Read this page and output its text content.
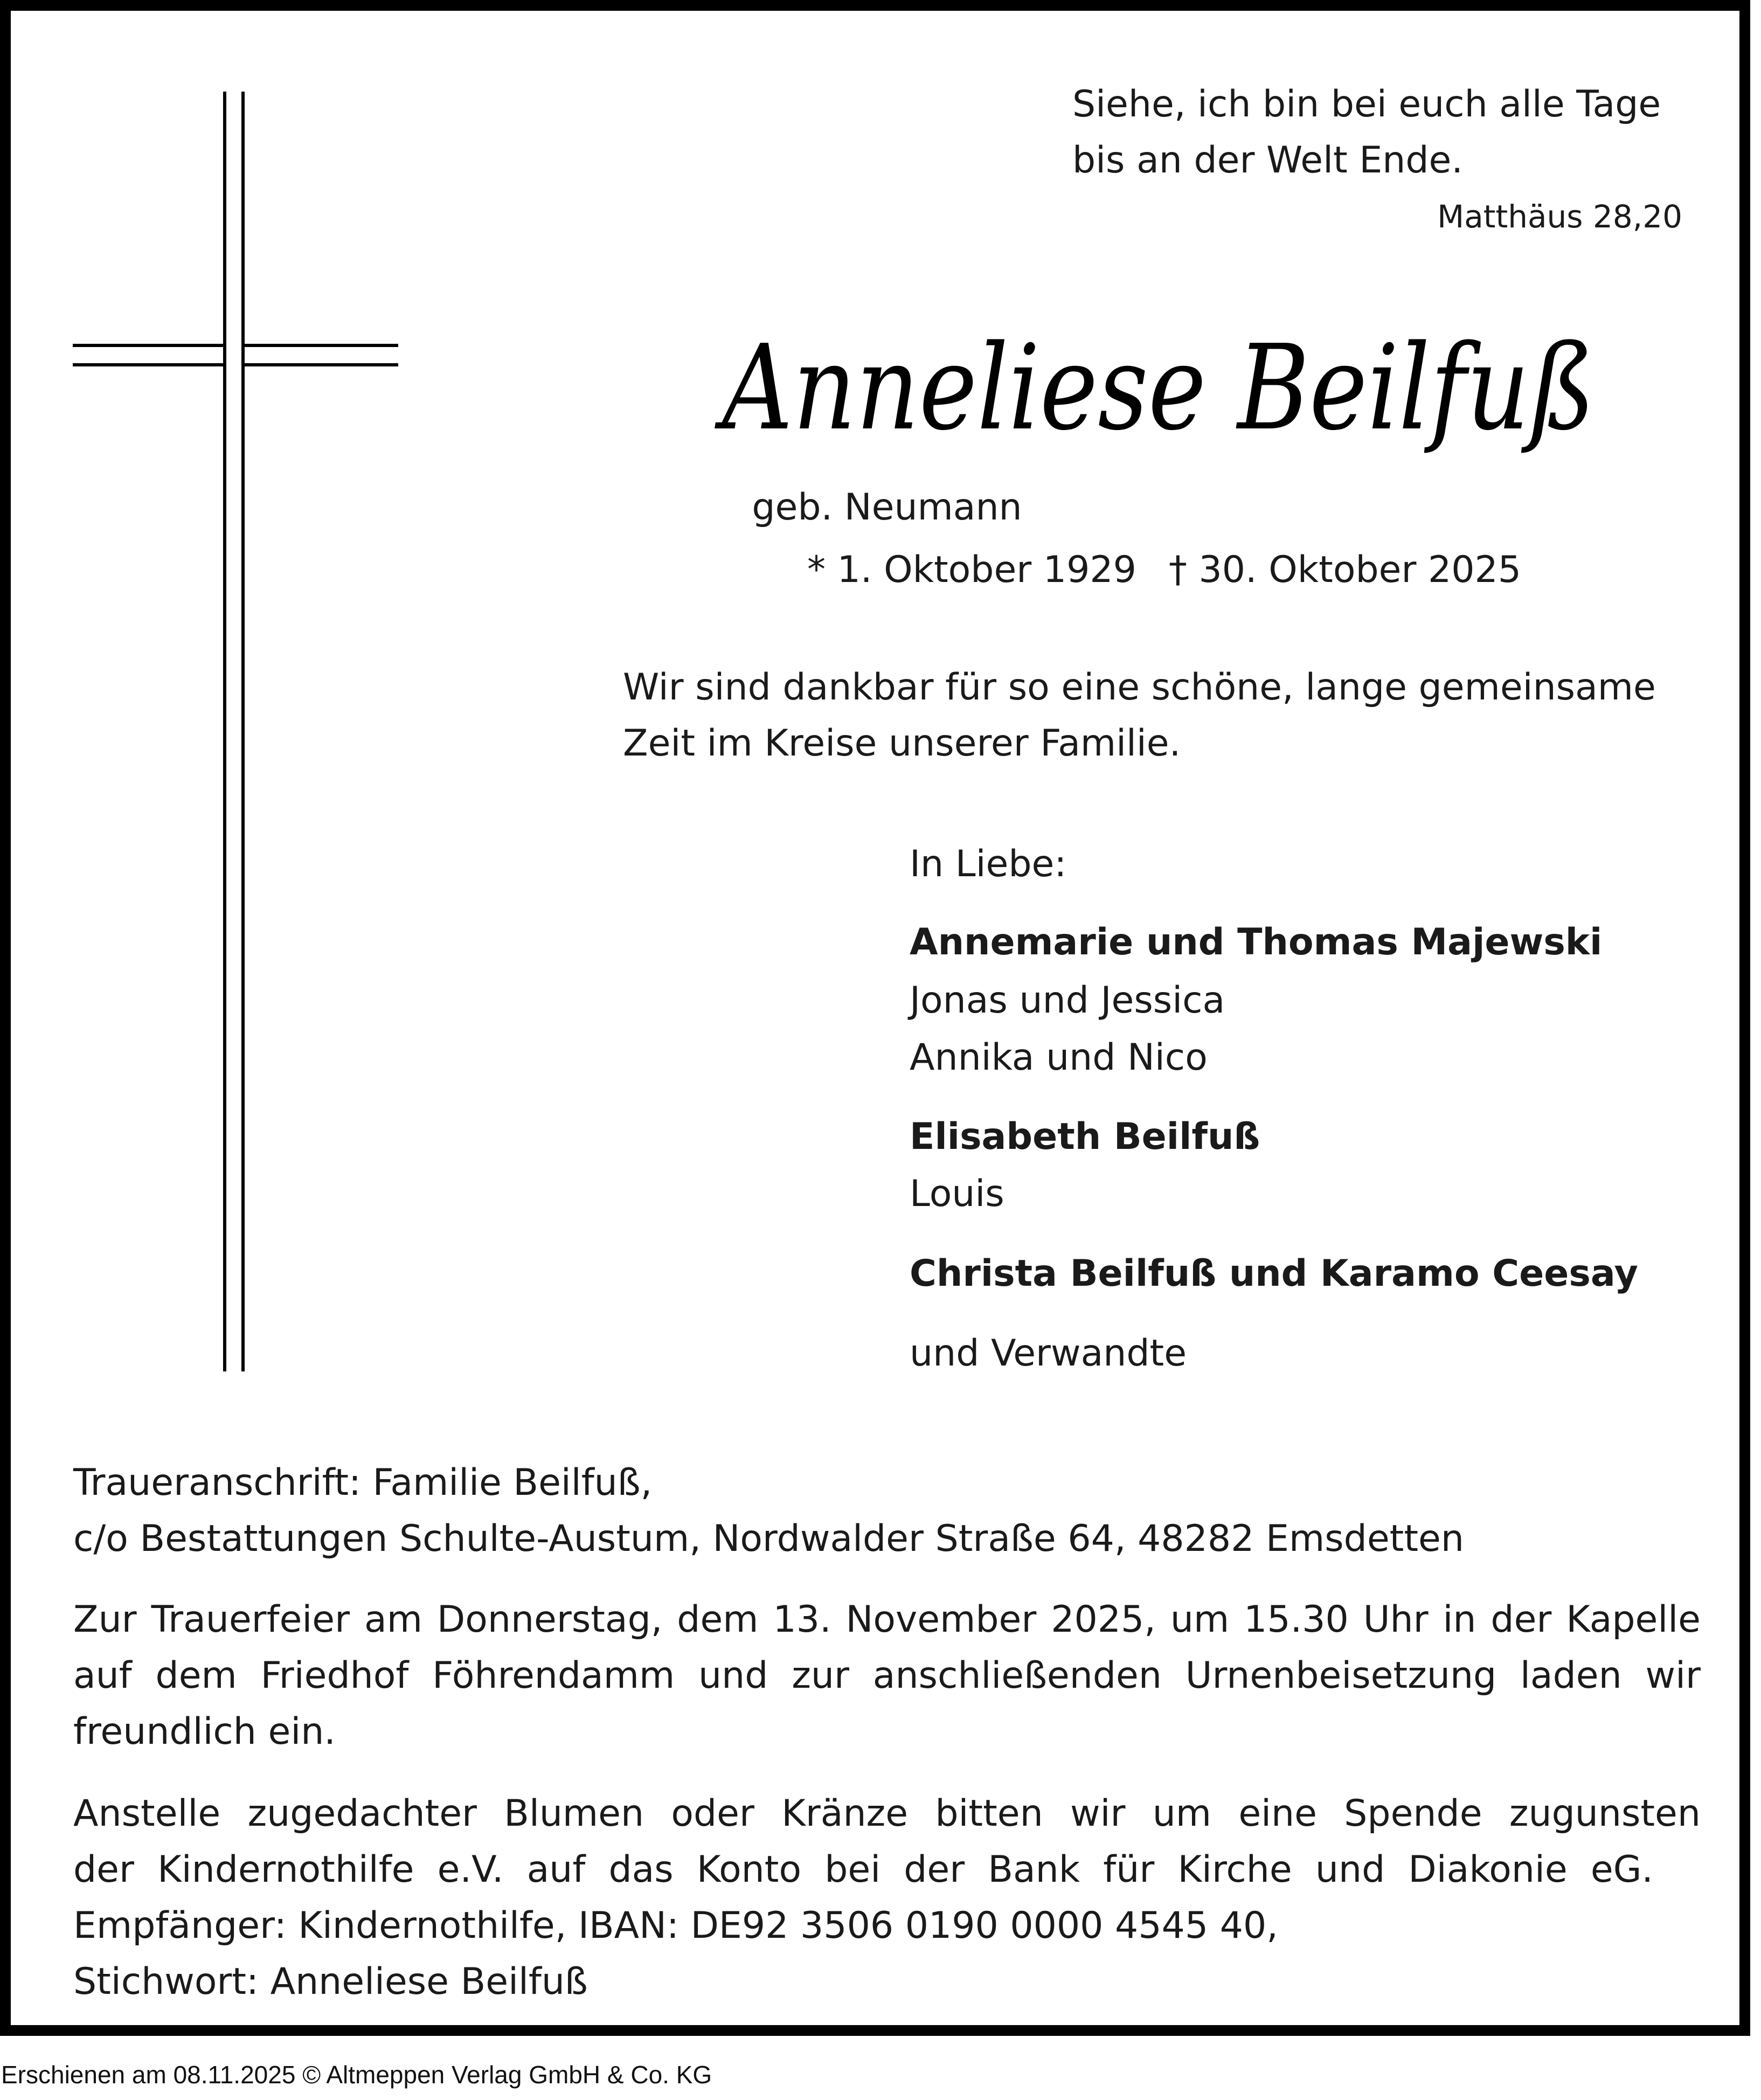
Siehe, ich bin bei euch alle Tage
bis an der Welt Ende.
Matthäus 28,20
Anneliese Beilfuß
geb. Neumann
* 1. Oktober 1929 † 30. Oktober 2025
Wir sind dankbar für so eine schöne, lange gemeinsame
Zeit im Kreise unserer Familie.
In Liebe:
Annemarie und Thomas Majewski
Jonas und Jessica
Annika und Nico
Elisabeth Beilfuß
Louis
Christa Beilfuß und Karamo Ceesay
und Verwandte
Traueranschrift: Familie Beilfuß,
c/o Bestattungen Schulte-Austum, Nordwalder Straße 64, 48282 Emsdetten
Zur Trauerfeier am Donnerstag, dem 13. November 2025, um 15.30 Uhr in der Kapelle
auf dem Friedhof Föhrendamm und zur anschließenden Urnenbeisetzung laden wir
freundlich ein.
Anstelle zugedachter Blumen oder Kränze bitten wir um eine Spende zugunsten
der Kindernothilfe e.V. auf das Konto bei der Bank für Kirche und Diakonie eG.
Empfänger: Kindernothilfe, IBAN: DE92 3506 0190 0000 4545 40,
Stichwort: Anneliese Beilfuß
Erschienen am 08.11.2025 © Altmeppen Verlag GmbH & Co. KG
